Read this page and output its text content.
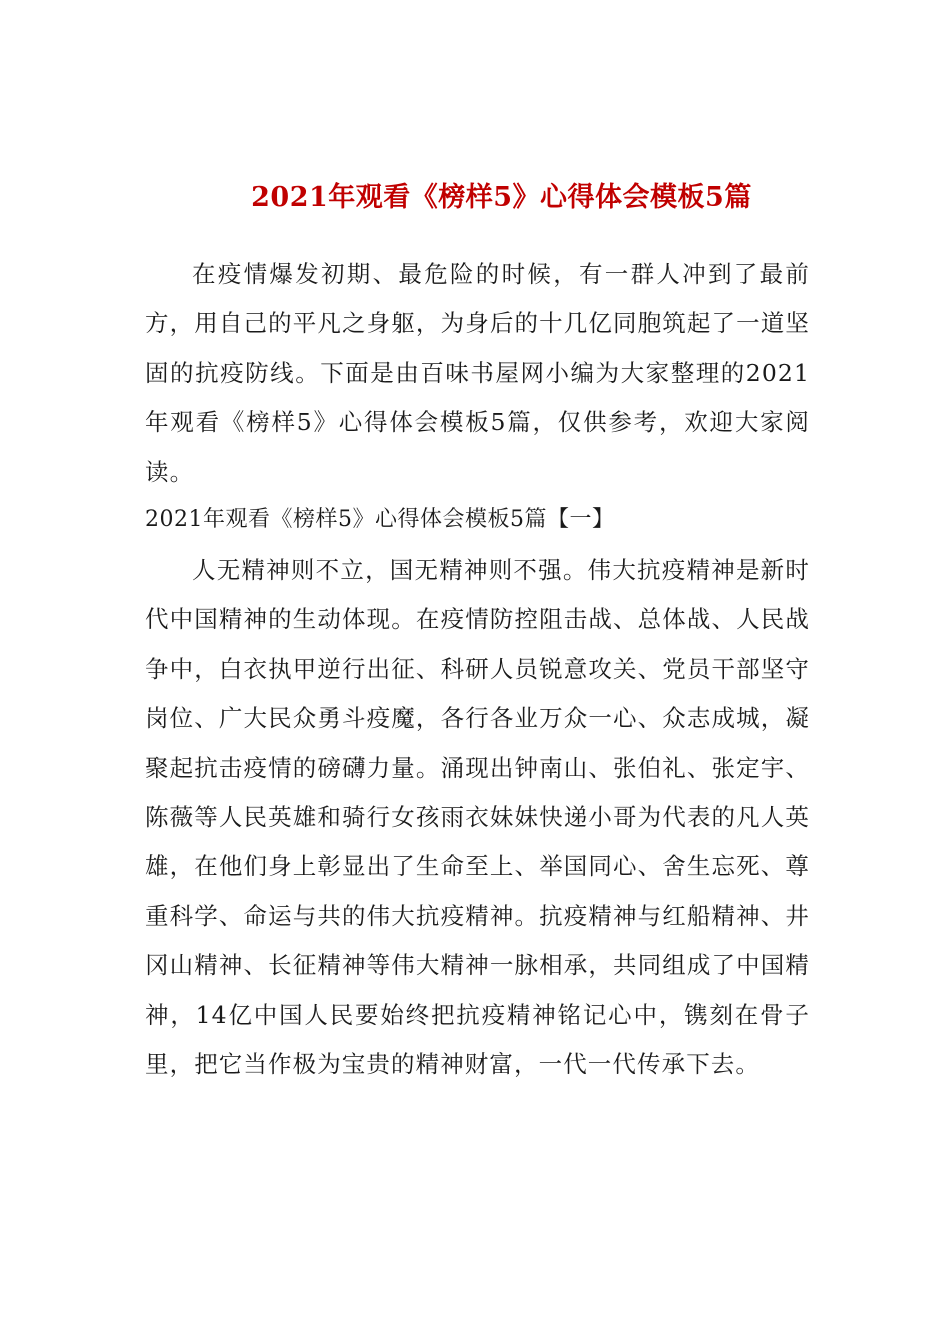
2021年观看《榜样5》心得体会模板5篇

在疫情爆发初期、最危险的时候，有一群人冲到了最前方，用自己的平凡之身躯，为身后的十几亿同胞筑起了一道坚固的抗疫防线。下面是由百味书屋网小编为大家整理的2021年观看《榜样5》心得体会模板5篇，仅供参考，欢迎大家阅读。

2021年观看《榜样5》心得体会模板5篇【一】

人无精神则不立，国无精神则不强。伟大抗疫精神是新时代中国精神的生动体现。在疫情防控阻击战、总体战、人民战争中，白衣执甲逆行出征、科研人员锐意攻关、党员干部坚守岗位、广大民众勇斗疫魔，各行各业万众一心、众志成城，凝聚起抗击疫情的磅礴力量。涌现出钟南山、张伯礼、张定宇、陈薇等人民英雄和骑行女孩雨衣妹妹快递小哥为代表的凡人英雄，在他们身上彰显出了生命至上、举国同心、舍生忘死、尊重科学、命运与共的伟大抗疫精神。抗疫精神与红船精神、井冈山精神、长征精神等伟大精神一脉相承，共同组成了中国精神，14亿中国人民要始终把抗疫精神铭记心中，镌刻在骨子里，把它当作极为宝贵的精神财富，一代一代传承下去。
